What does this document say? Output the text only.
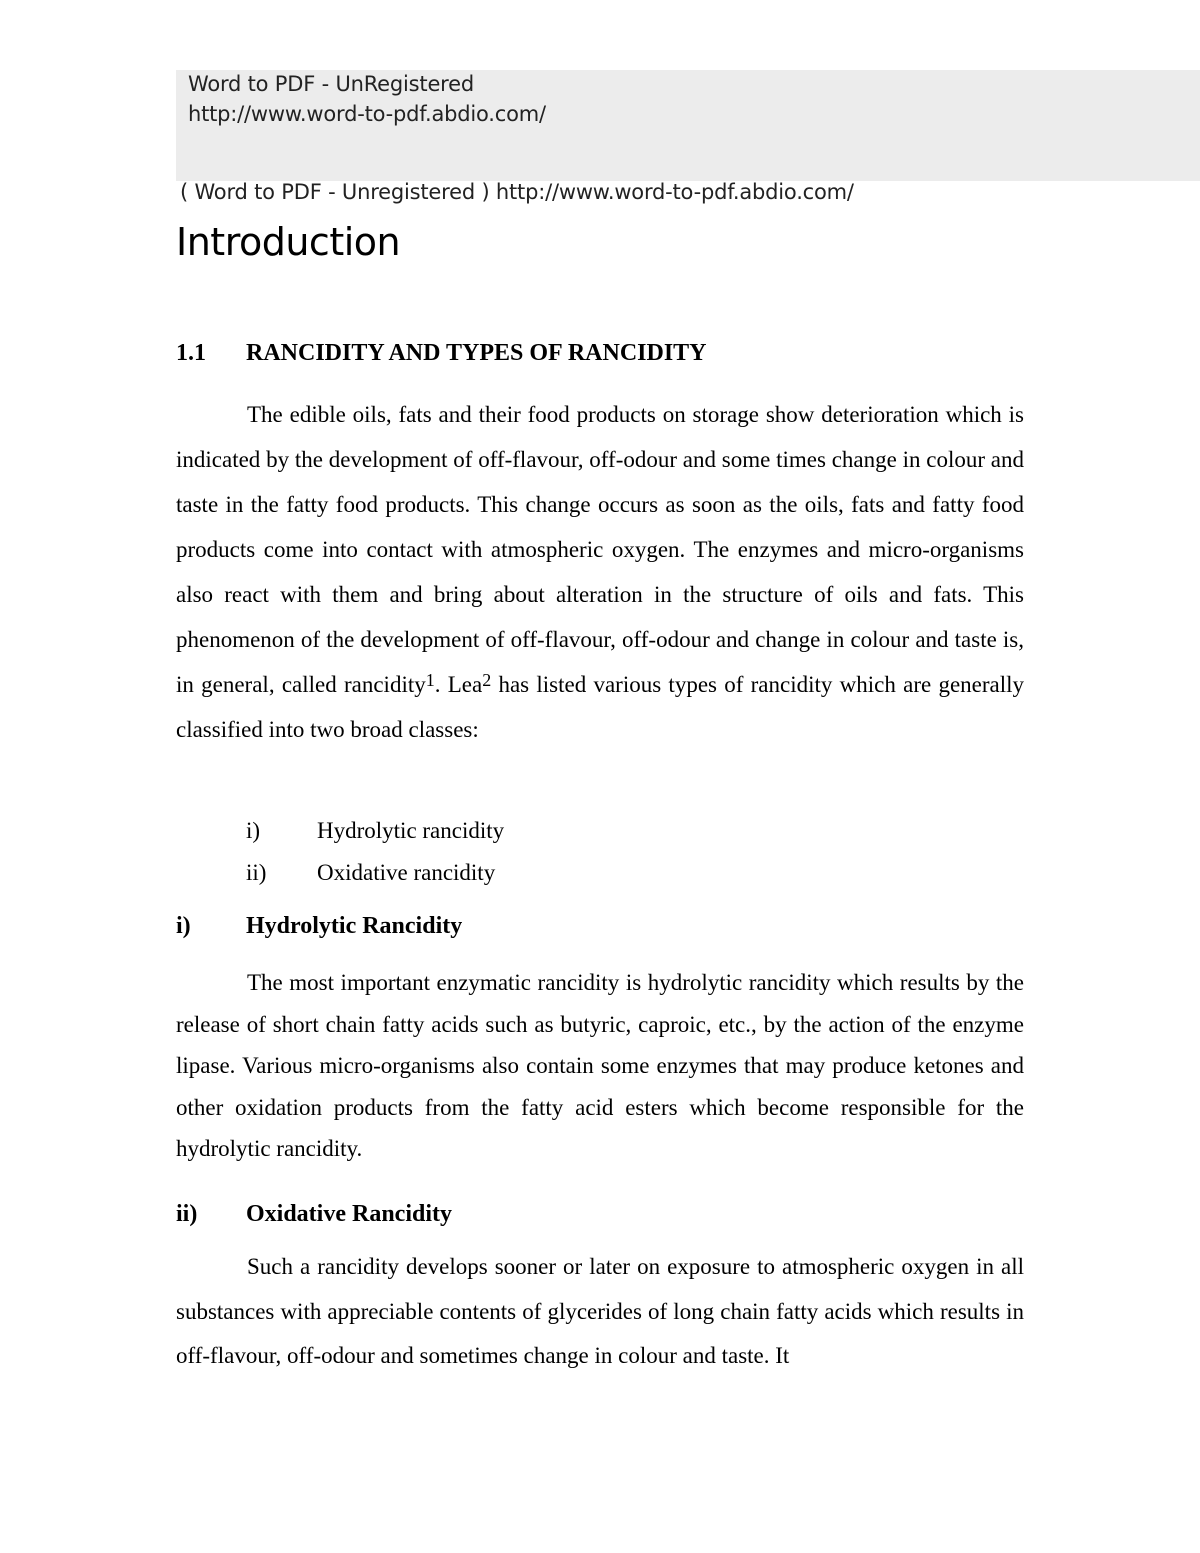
Word to PDF - UnRegistered
http://www.word-to-pdf.abdio.com/
( Word to PDF - Unregistered ) http://www.word-to-pdf.abdio.com/
Introduction
1.1 RANCIDITY AND TYPES OF RANCIDITY

The edible oils, fats and their food products on storage show deterioration which is indicated by the development of off-flavour, off-odour and some times change in colour and taste in the fatty food products. This change occurs as soon as the oils, fats and fatty food products come into contact with atmospheric oxygen. The enzymes and micro-organisms also react with them and bring about alteration in the structure of oils and fats. This phenomenon of the development of off-flavour, off-odour and change in colour and taste is, in general, called rancidity$^1$. Lea$^2$ has listed various types of rancidity which are generally classified into two broad classes:

i) Hydrolytic rancidity
ii) Oxidative rancidity
i) Hydrolytic Rancidity

The most important enzymatic rancidity is hydrolytic rancidity which results by the release of short chain fatty acids such as butyric, caproic, etc., by the action of the enzyme lipase. Various micro-organisms also contain some enzymes that may produce ketones and other oxidation products from the fatty acid esters which become responsible for the hydrolytic rancidity.

ii) Oxidative Rancidity

Such a rancidity develops sooner or later on exposure to atmospheric oxygen in all substances with appreciable contents of glycerides of long chain fatty acids which results in off-flavour, off-odour and sometimes change in colour and taste. It
